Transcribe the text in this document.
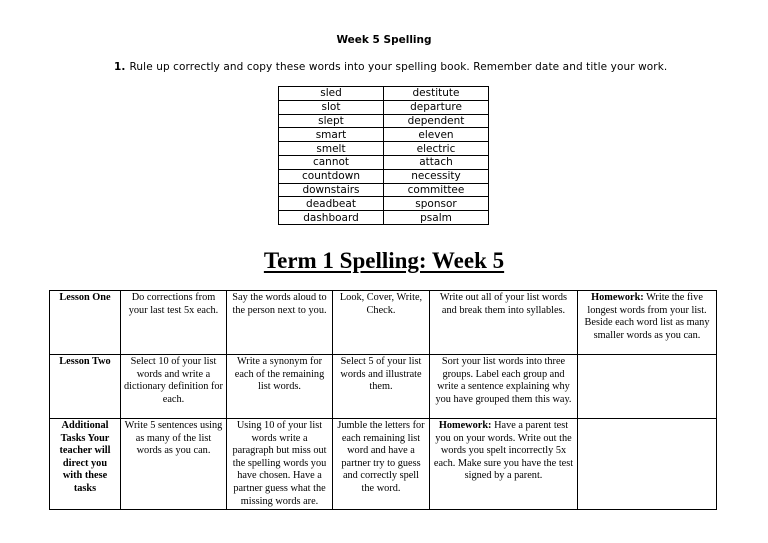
Week 5 Spelling
1. Rule up correctly and copy these words into your spelling book. Remember date and title your work.
sled	destitute
slot	departure
slept	dependent
smart	eleven
smelt	electric
cannot	attach
countdown	necessity
downstairs	committee
deadbeat	sponsor
dashboard	psalm
Term 1 Spelling: Week 5
Lesson One	Do corrections from your last test 5x each.	Say the words aloud to the person next to you.	Look, Cover, Write, Check.	Write out all of your list words and break them into syllables.	Homework: Write the five longest words from your list. Beside each word list as many smaller words as you can.
Lesson Two	Select 10 of your list words and write a dictionary definition for each.	Write a synonym for each of the remaining list words.	Select 5 of your list words and illustrate them.	Sort your list words into three groups. Label each group and write a sentence explaining why you have grouped them this way.	
Additional Tasks Your teacher will direct you with these tasks	Write 5 sentences using as many of the list words as you can.	Using 10 of your list words write a paragraph but miss out the spelling words you have chosen. Have a partner guess what the missing words are.	Jumble the letters for each remaining list word and have a partner try to guess and correctly spell the word.	Homework: Have a parent test you on your words. Write out the words you spelt incorrectly 5x each. Make sure you have the test signed by a parent.	
